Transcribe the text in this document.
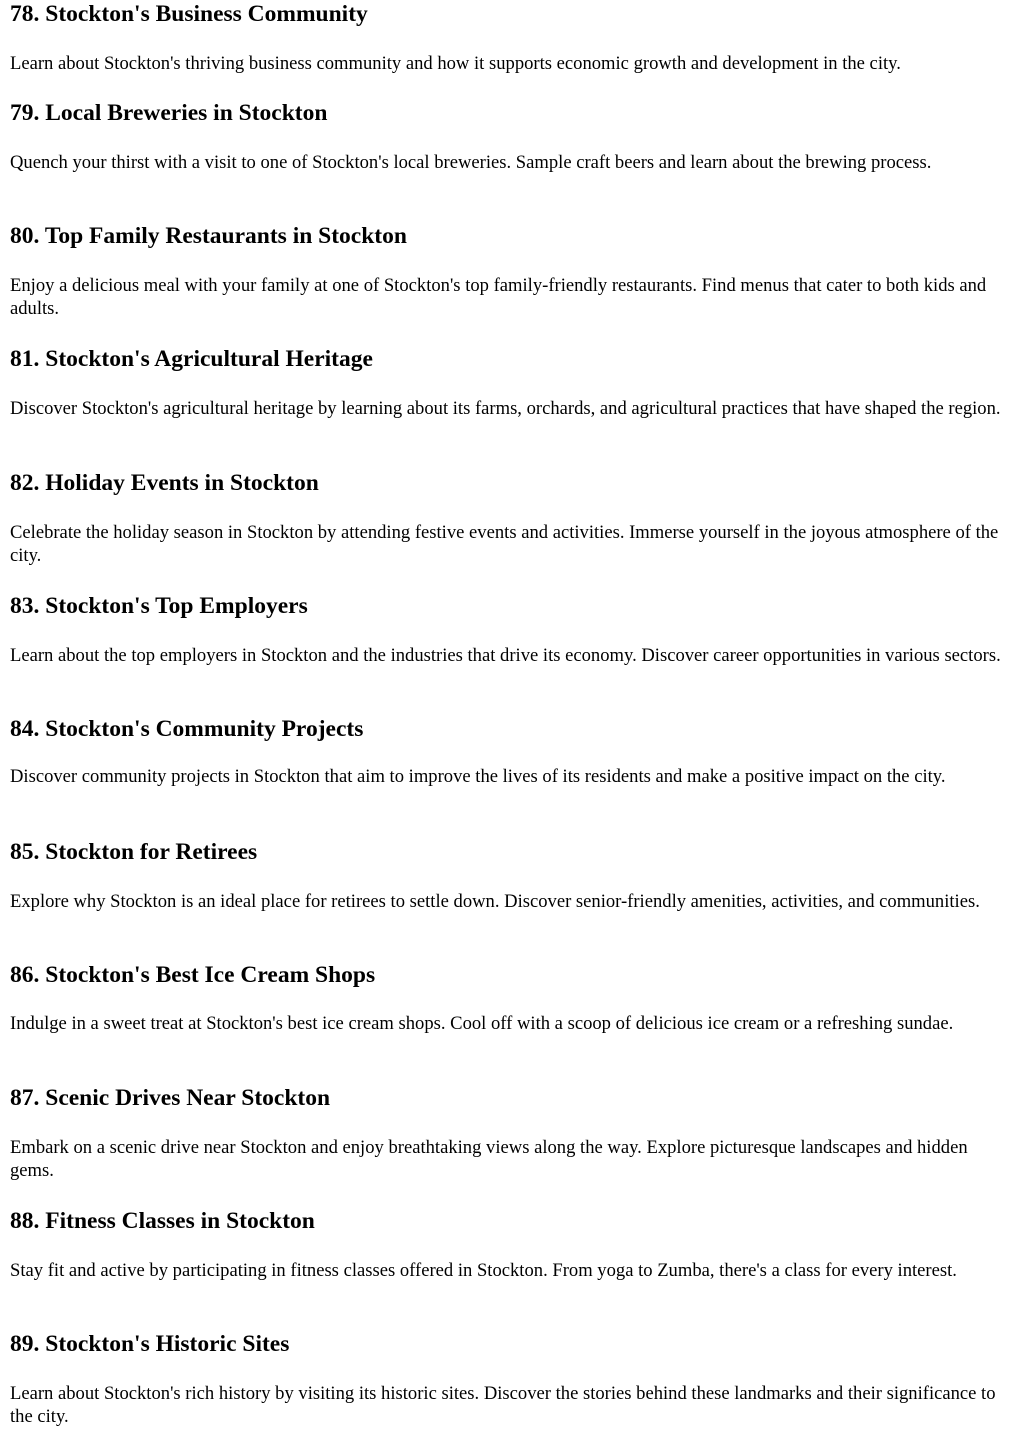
78. Stockton's Business Community

Learn about Stockton's thriving business community and how it supports economic growth and development in the city.

79. Local Breweries in Stockton

Quench your thirst with a visit to one of Stockton's local breweries. Sample craft beers and learn about the brewing process.

80. Top Family Restaurants in Stockton

Enjoy a delicious meal with your family at one of Stockton's top family-friendly restaurants. Find menus that cater to both kids and adults.

81. Stockton's Agricultural Heritage

Discover Stockton's agricultural heritage by learning about its farms, orchards, and agricultural practices that have shaped the region.

82. Holiday Events in Stockton

Celebrate the holiday season in Stockton by attending festive events and activities. Immerse yourself in the joyous atmosphere of the city.

83. Stockton's Top Employers

Learn about the top employers in Stockton and the industries that drive its economy. Discover career opportunities in various sectors.

84. Stockton's Community Projects

Discover community projects in Stockton that aim to improve the lives of its residents and make a positive impact on the city.

85. Stockton for Retirees

Explore why Stockton is an ideal place for retirees to settle down. Discover senior-friendly amenities, activities, and communities.

86. Stockton's Best Ice Cream Shops

Indulge in a sweet treat at Stockton's best ice cream shops. Cool off with a scoop of delicious ice cream or a refreshing sundae.

87. Scenic Drives Near Stockton

Embark on a scenic drive near Stockton and enjoy breathtaking views along the way. Explore picturesque landscapes and hidden gems.

88. Fitness Classes in Stockton

Stay fit and active by participating in fitness classes offered in Stockton. From yoga to Zumba, there's a class for every interest.

89. Stockton's Historic Sites

Learn about Stockton's rich history by visiting its historic sites. Discover the stories behind these landmarks and their significance to the city.
